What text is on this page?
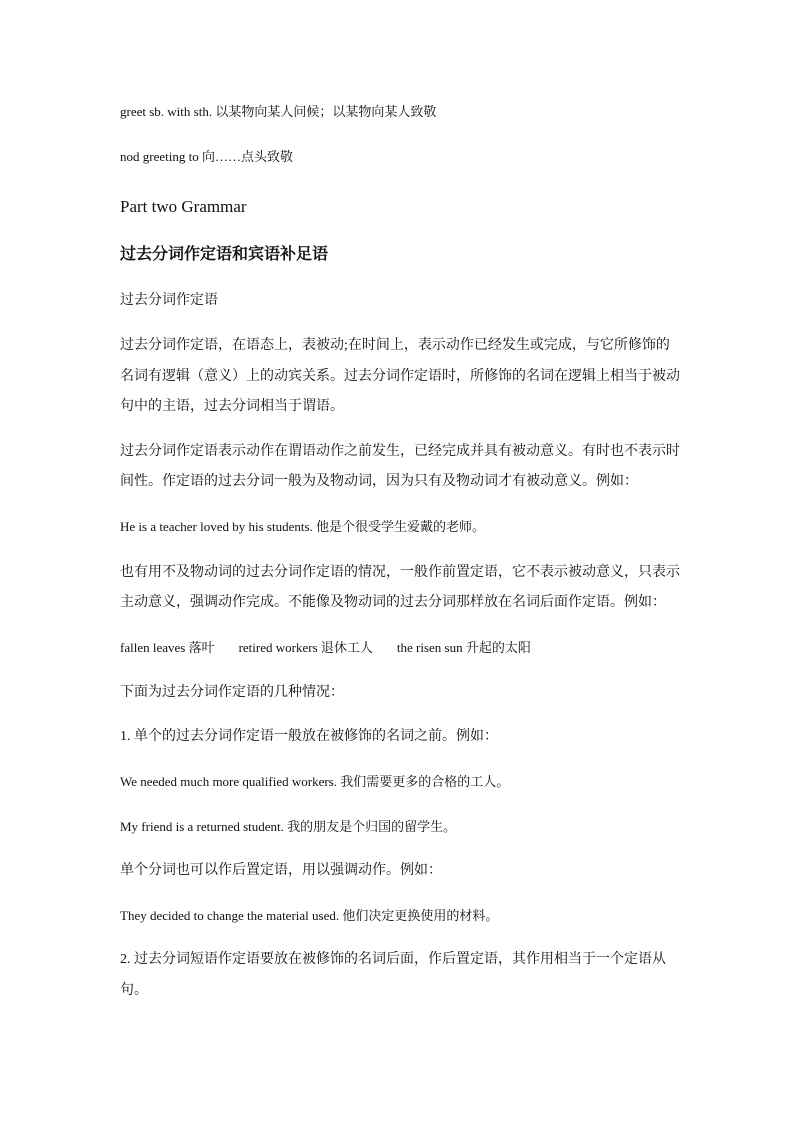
greet sb. with sth. 以某物向某人问候；以某物向某人致敬
nod greeting to 向……点头致敬
Part two Grammar
过去分词作定语和宾语补足语
过去分词作定语
过去分词作定语，在语态上，表被动;在时间上，表示动作已经发生或完成，与它所修饰的
名词有逻辑（意义）上的动宾关系。过去分词作定语时，所修饰的名词在逻辑上相当于被动
句中的主语，过去分词相当于谓语。
过去分词作定语表示动作在谓语动作之前发生，已经完成并具有被动意义。有时也不表示时
间性。作定语的过去分词一般为及物动词，因为只有及物动词才有被动意义。例如：
He is a teacher loved by his students. 他是个很受学生爱戴的老师。
也有用不及物动词的过去分词作定语的情况，一般作前置定语，它不表示被动意义，只表示
主动意义，强调动作完成。不能像及物动词的过去分词那样放在名词后面作定语。例如：
fallen leaves 落叶 retired workers 退休工人 the risen sun 升起的太阳
下面为过去分词作定语的几种情况：
1. 单个的过去分词作定语一般放在被修饰的名词之前。例如：
We needed much more qualified workers. 我们需要更多的合格的工人。
My friend is a returned student. 我的朋友是个归国的留学生。
单个分词也可以作后置定语，用以强调动作。例如：
They decided to change the material used. 他们决定更换使用的材料。
2. 过去分词短语作定语要放在被修饰的名词后面，作后置定语，其作用相当于一个定语从
句。
